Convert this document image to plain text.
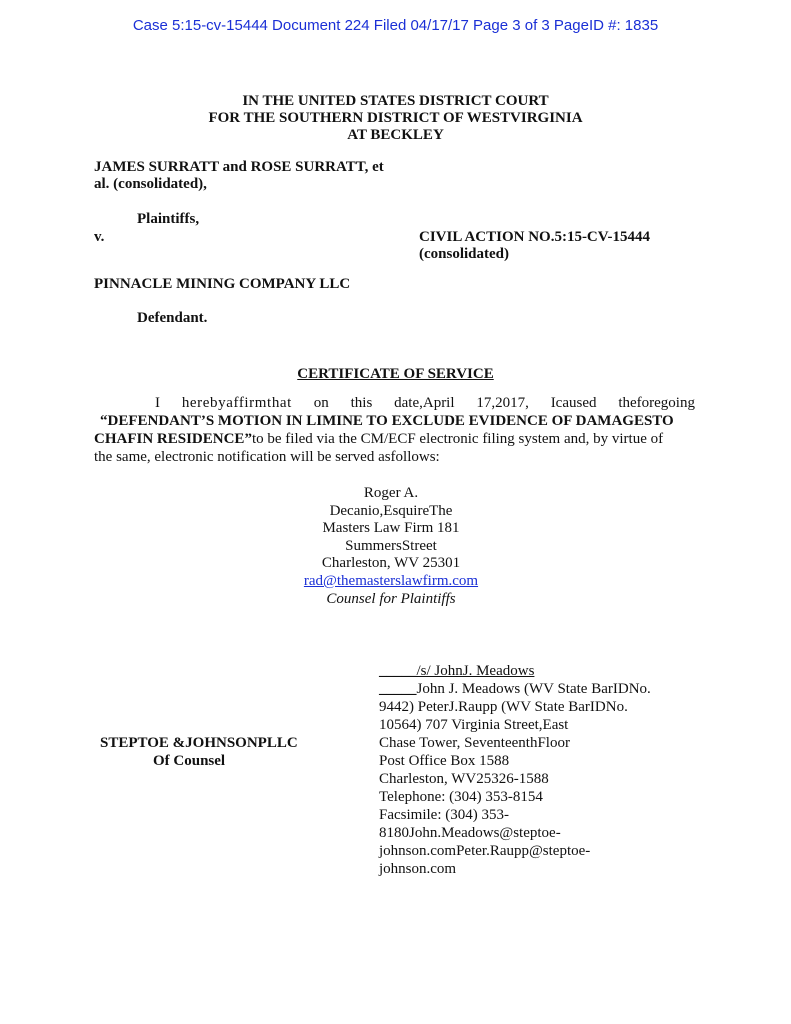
Case 5:15-cv-15444 Document 224 Filed 04/17/17 Page 3 of 3 PageID #: 1835
IN THE UNITED STATES DISTRICT COURT
FOR THE SOUTHERN DISTRICT OF WESTVIRGINIA
AT BECKLEY
JAMES SURRATT and ROSE SURRATT, et
al. (consolidated),
Plaintiffs,
v.	CIVIL ACTION NO.5:15-CV-15444
(consolidated)
PINNACLE MINING COMPANY LLC
Defendant.
CERTIFICATE OF SERVICE
I herebyaffirmthat on this date,April 17,2017, Icaused theforegoing
“DEFENDANT’S MOTION IN LIMINE TO EXCLUDE EVIDENCE OF DAMAGESTO
CHAFIN RESIDENCE”to be filed via the CM/ECF electronic filing system and, by virtue of
the same, electronic notification will be served asfollows:
Roger A.
Decanio,EsquireThe
Masters Law Firm 181
SummersStreet
Charleston, WV 25301
rad@themasterslawfirm.com
Counsel for Plaintiffs
_____/s/ JohnJ. Meadows
_____John J. Meadows (WV State BarIDNo.
9442) PeterJ.Raupp (WV State BarIDNo.
10564) 707 Virginia Street,East
Chase Tower, SeventeenthFloor
Post Office Box 1588
Charleston, WV25326-1588
Telephone: (304) 353-8154
Facsimile: (304) 353-
8180John.Meadows@steptoe-
johnson.comPeter.Raupp@steptoe-
johnson.com
STEPTOE &JOHNSONPLLC
Of Counsel
